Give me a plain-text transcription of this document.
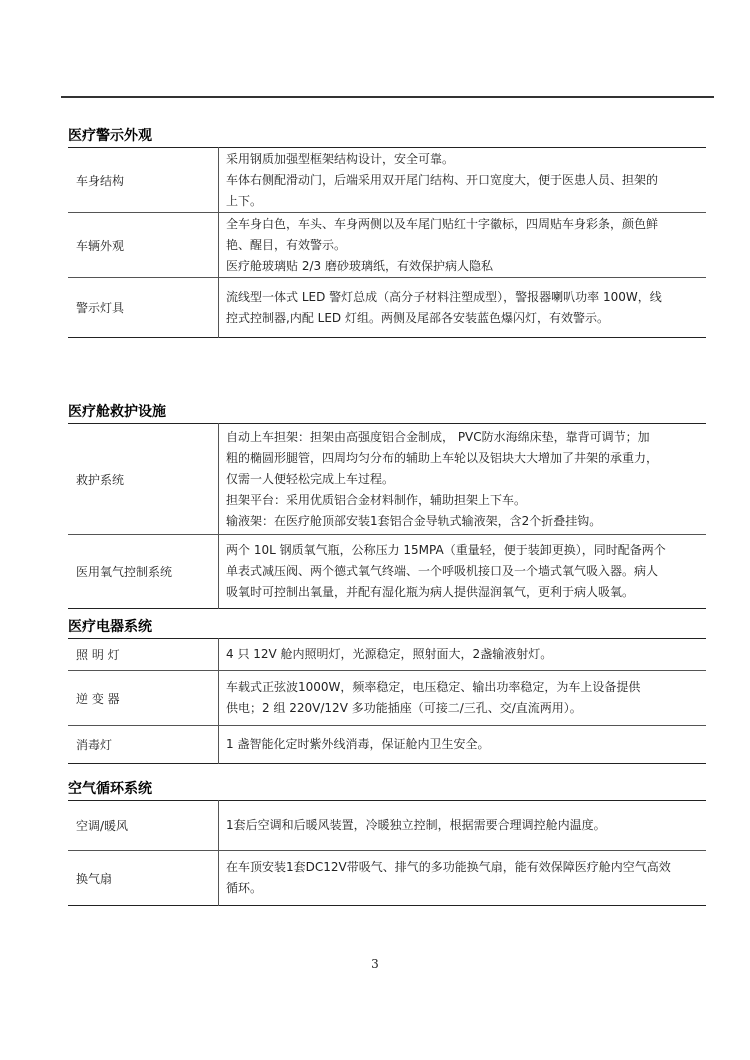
医疗警示外观
车身结构	采用钢质加强型框架结构设计，安全可靠。
车体右侧配滑动门，后端采用双开尾门结构、开口宽度大，便于医患人员、担架的
上下。

车辆外观	全车身白色，车头、车身两侧以及车尾门贴红十字徽标，四周贴车身彩条，颜色鲜
艳、醒目，有效警示。
医疗舱玻璃贴 2/3 磨砂玻璃纸，有效保护病人隐私

警示灯具	流线型一体式 LED 警灯总成（高分子材料注塑成型），警报器喇叭功率 100W，线
控式控制器,内配 LED 灯组。两侧及尾部各安装蓝色爆闪灯，有效警示。
医疗舱救护设施
救护系统	自动上车担架：担架由高强度铝合金制成， PVC防水海绵床垫，靠背可调节；加
粗的椭圆形腿管，四周均匀分布的辅助上车轮以及铝块大大增加了井架的承重力，
仅需一人便轻松完成上车过程。
担架平台：采用优质铝合金材料制作，辅助担架上下车。
输液架：在医疗舱顶部安装1套铝合金导轨式输液架，含2个折叠挂钩。

医用氧气控制系统	两个 10L 钢质氧气瓶，公称压力 15MPA（重量轻，便于装卸更换），同时配备两个
单表式减压阀、两个德式氧气终端、一个呼吸机接口及一个墙式氧气吸入器。病人
吸氧时可控制出氧量，并配有湿化瓶为病人提供湿润氧气，更利于病人吸氧。
医疗电器系统
照 明 灯	4 只 12V 舱内照明灯，光源稳定，照射面大，2盏输液射灯。

逆 变 器	车载式正弦波1000W，频率稳定，电压稳定、输出功率稳定，为车上设备提供
供电；2 组 220V/12V 多功能插座（可接二/三孔、交/直流两用）。

消毒灯	1 盏智能化定时紫外线消毒，保证舱内卫生安全。
空气循环系统
空调/暖风	1套后空调和后暖风装置，冷暖独立控制，根据需要合理调控舱内温度。

换气扇	在车顶安装1套DC12V带吸气、排气的多功能换气扇，能有效保障医疗舱内空气高效
循环。
3
